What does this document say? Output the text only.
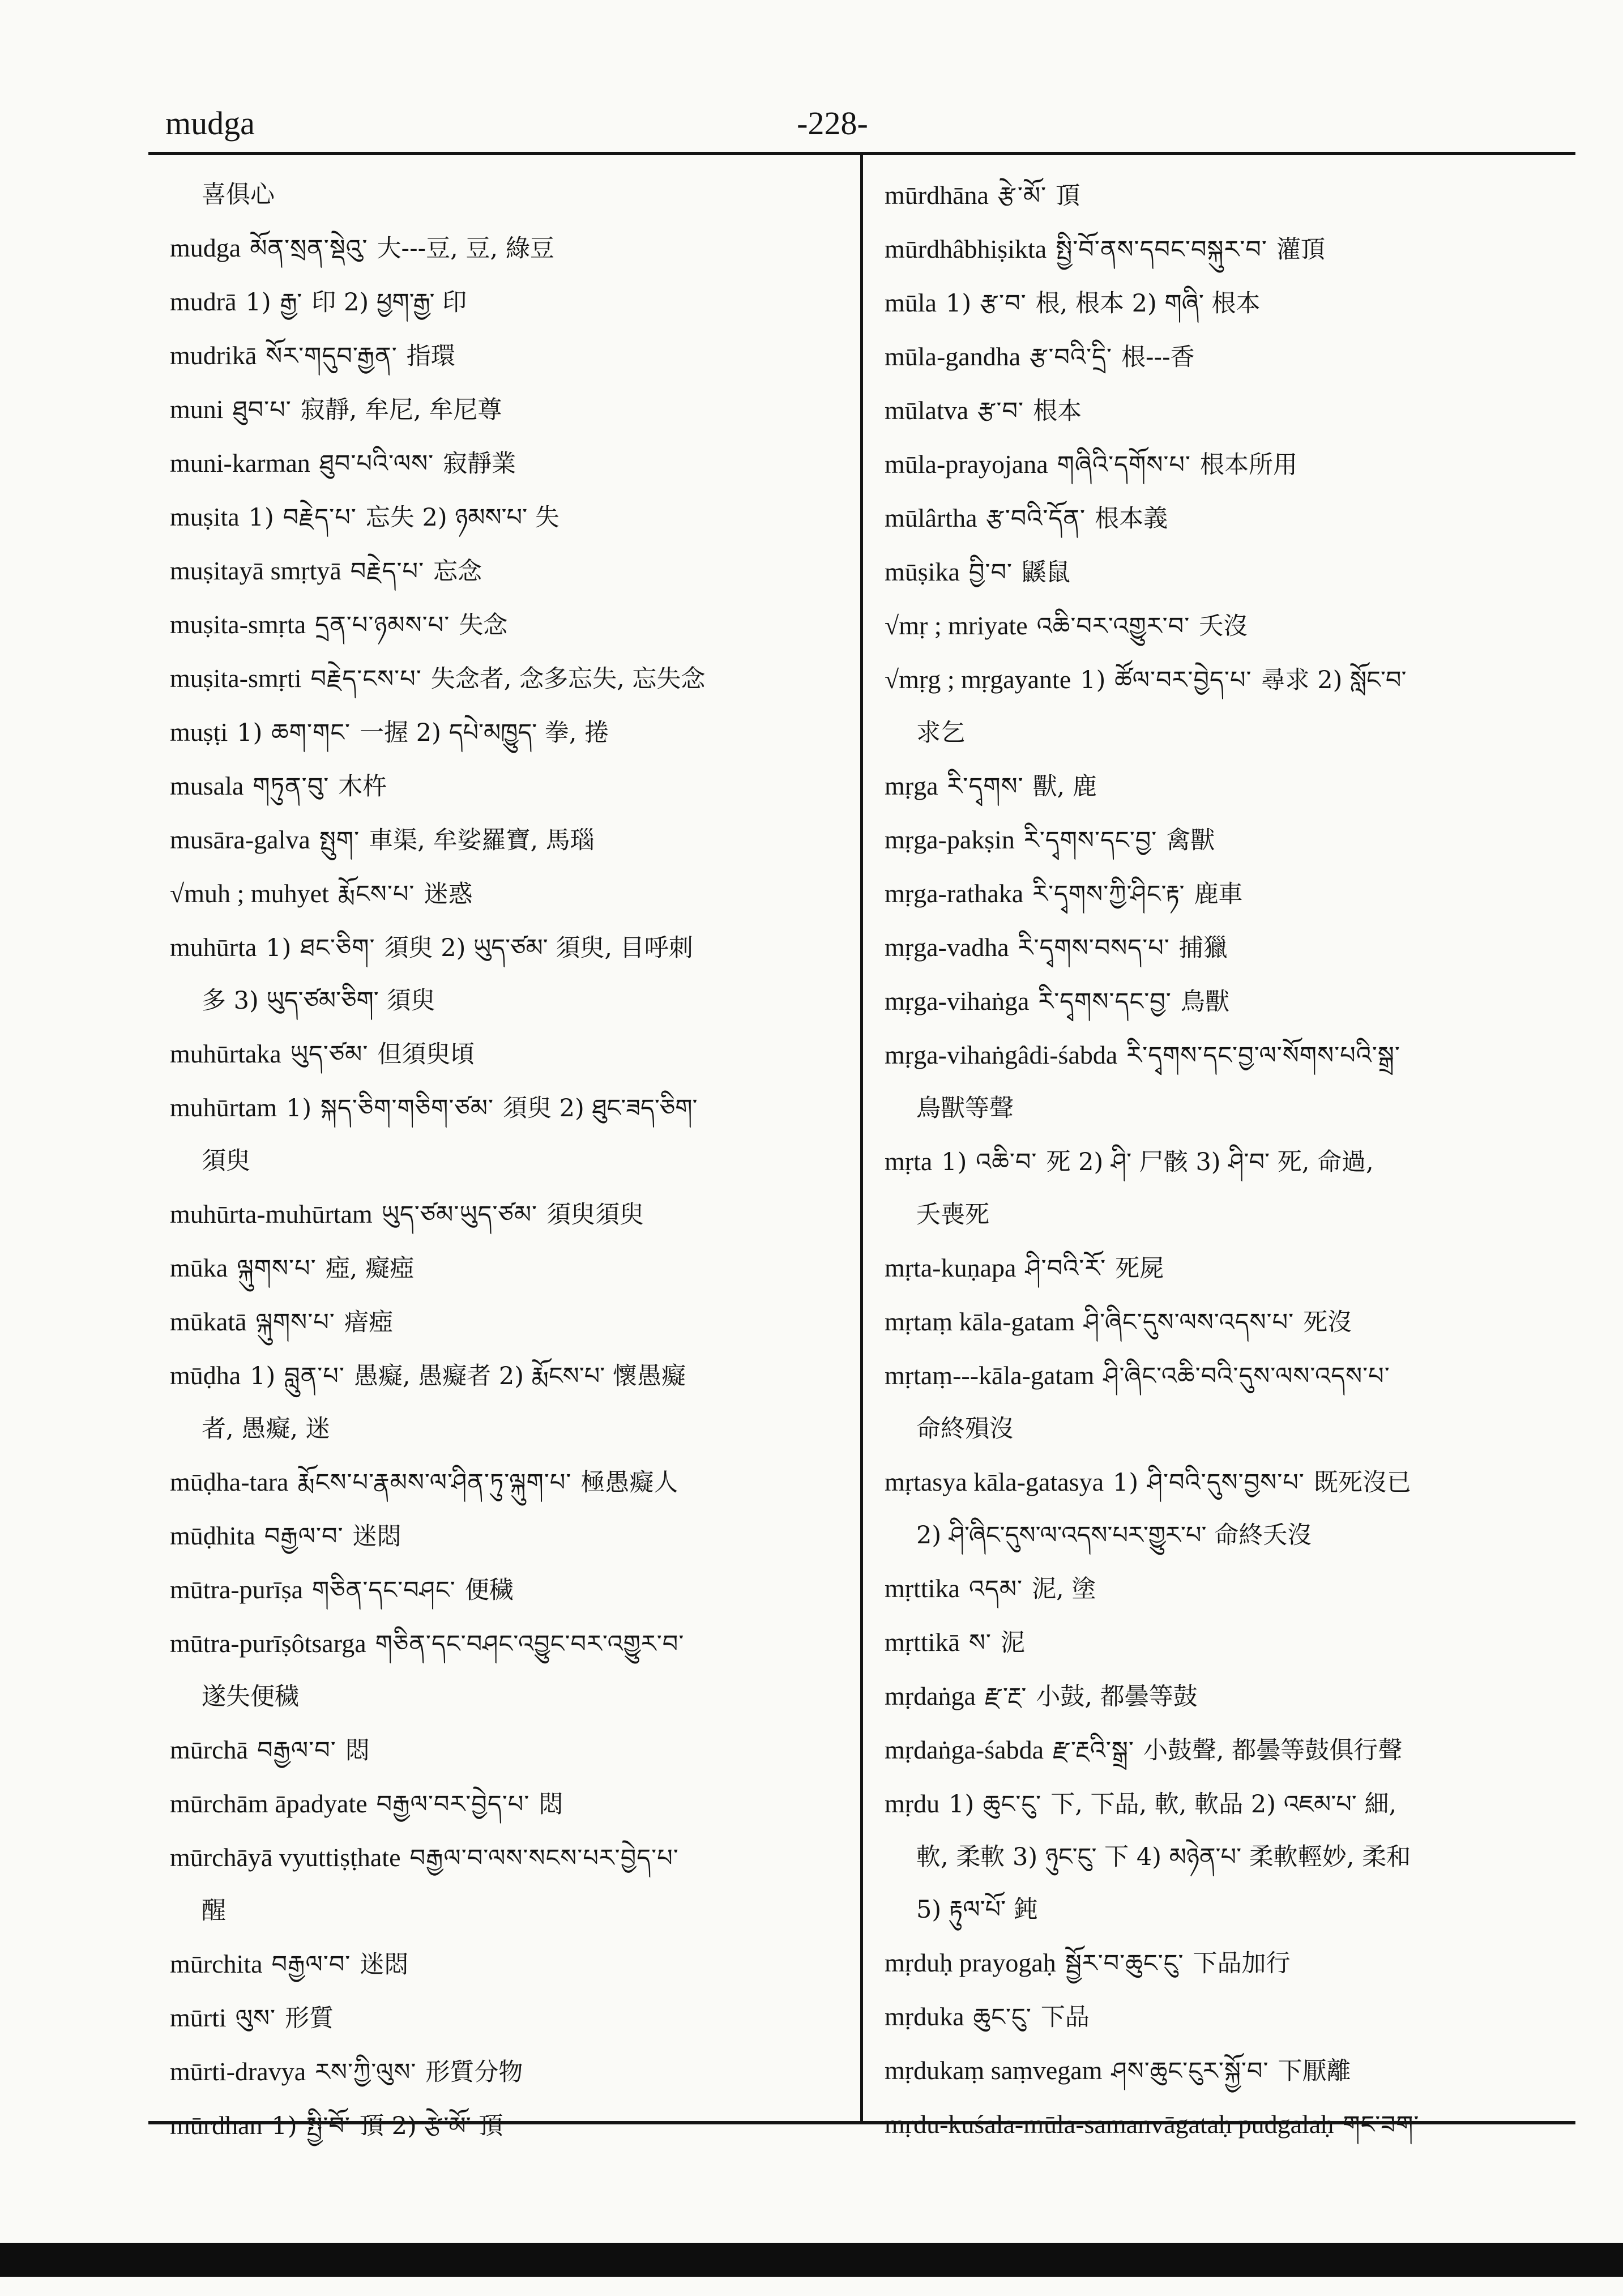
mudga	-228-
喜俱心
mudga མོན་སྲན་སྡེའུ་ 大---豆, 豆, 綠豆
mudrā 1) རྒྱ་ 印 2) ཕྱག་རྒྱ་ 印
mudrikā སོར་གདུབ་རྒྱན་ 指環
muni ཐུབ་པ་ 寂靜, 牟尼, 牟尼尊
muni-karman ཐུབ་པའི་ལས་ 寂靜業
muṣita 1) བརྗེད་པ་ 忘失 2) ཉམས་པ་ 失
muṣitayā smṛtyā བརྗེད་པ་ 忘念
muṣita-smṛta དྲན་པ་ཉམས་པ་ 失念
muṣita-smṛti བརྗེད་ངས་པ་ 失念者, 念多忘失, 忘失念
muṣṭi 1) ཆག་གང་ 一握 2) དཔེ་མཁྱུད་ 拳, 捲
musala གཏུན་བུ་ 木杵
musāra-galva སྤུག་ 車渠, 牟娑羅寶, 馬瑙
√muh ; muhyet རྨོངས་པ་ 迷惑
muhūrta 1) ཐང་ཅིག་ 須臾 2) ཡུད་ཙམ་ 須臾, 目呼刺
多 3) ཡུད་ཙམ་ཅིག་ 須臾
muhūrtaka ཡུད་ཙམ་ 但須臾頃
muhūrtam 1) སྐད་ཅིག་གཅིག་ཙམ་ 須臾 2) ཐུང་ཟད་ཅིག་
須臾
muhūrta-muhūrtam ཡུད་ཙམ་ཡུད་ཙམ་ 須臾須臾
mūka ལྐུགས་པ་ 瘂, 癡瘂
mūkatā ལྐུགས་པ་ 瘖瘂
mūḍha 1) བླུན་པ་ 愚癡, 愚癡者 2) རྨོངས་པ་ 懷愚癡
者, 愚癡, 迷
mūḍha-tara རྨོངས་པ་རྣམས་ལ་ཤིན་ཏུ་ལྐུག་པ་ 極愚癡人
mūḍhita བརྒྱལ་བ་ 迷悶
mūtra-purīṣa གཅིན་དང་བཤང་ 便穢
mūtra-purīṣôtsarga གཅིན་དང་བཤང་འབྱུང་བར་འགྱུར་བ་
遂失便穢
mūrchā བརྒྱལ་བ་ 悶
mūrchām āpadyate བརྒྱལ་བར་བྱེད་པ་ 悶
mūrchāyā vyuttiṣṭhate བརྒྱལ་བ་ལས་སངས་པར་བྱེད་པ་
醒
mūrchita བརྒྱལ་བ་ 迷悶
mūrti ལུས་ 形質
mūrti-dravya རས་ཀྱི་ལུས་ 形質分物
mūrdhan 1) སྤྱི་བོ་ 頂 2) རྩེ་མོ་ 頂
mūrdhāna རྩེ་མོ་ 頂
mūrdhâbhiṣikta སྤྱི་བོ་ནས་དབང་བསྐུར་བ་ 灌頂
mūla 1) རྩ་བ་ 根, 根本 2) གཞི་ 根本
mūla-gandha རྩ་བའི་དྲི་ 根---香
mūlatva རྩ་བ་ 根本
mūla-prayojana གཞིའི་དགོས་པ་ 根本所用
mūlârtha རྩ་བའི་དོན་ 根本義
mūṣika བྱི་བ་ 鼷鼠
√mṛ ; mriyate འཆི་བར་འགྱུར་བ་ 夭沒
√mṛg ; mṛgayante 1) ཚོལ་བར་བྱེད་པ་ 尋求 2) སློང་བ་
求乞
mṛga རི་དྭགས་ 獸, 鹿
mṛga-pakṣin རི་དྭགས་དང་བྱ་ 禽獸
mṛga-rathaka རི་དྭགས་ཀྱི་ཤིང་རྟ་ 鹿車
mṛga-vadha རི་དྭགས་བསད་པ་ 捕獵
mṛga-vihaṅga རི་དྭགས་དང་བྱ་ 鳥獸
mṛga-vihaṅgâdi-śabda རི་དྭགས་དང་བྱ་ལ་སོགས་པའི་སྒྲ་
鳥獸等聲
mṛta 1) འཆི་བ་ 死 2) ཤི་ 尸骸 3) ཤི་བ་ 死, 命過,
夭喪死
mṛta-kuṇapa ཤི་བའི་རོ་ 死屍
mṛtaṃ kāla-gatam ཤི་ཞིང་དུས་ལས་འདས་པ་ 死沒
mṛtaṃ---kāla-gatam ཤི་ཞིང་འཆི་བའི་དུས་ལས་འདས་པ་
命終殞沒
mṛtasya kāla-gatasya 1) ཤི་བའི་དུས་བྱས་པ་ 既死沒已
2) ཤི་ཞིང་དུས་ལ་འདས་པར་གྱུར་པ་ 命終夭沒
mṛttika འདམ་ 泥, 塗
mṛttikā ས་ 泥
mṛdaṅga རྫ་རྔ་ 小鼓, 都曇等鼓
mṛdaṅga-śabda རྫ་རྔའི་སྒྲ་ 小鼓聲, 都曇等鼓俱行聲
mṛdu 1) ཆུང་ངུ་ 下, 下品, 軟, 軟品 2) འཇམ་པ་ 細,
軟, 柔軟 3) ཉུང་ངུ་ 下 4) མཉེན་པ་ 柔軟輕妙, 柔和
5) རྟུལ་པོ་ 鈍
mṛduḥ prayogaḥ སྦྱོར་བ་ཆུང་ངུ་ 下品加行
mṛduka ཆུང་ངུ་ 下品
mṛdukaṃ saṃvegam ཤས་ཆུང་ངུར་སྐྱོ་བ་ 下厭離
mṛdu-kuśala-mūla-samanvāgataḥ pudgalaḥ གང་ཟག་
